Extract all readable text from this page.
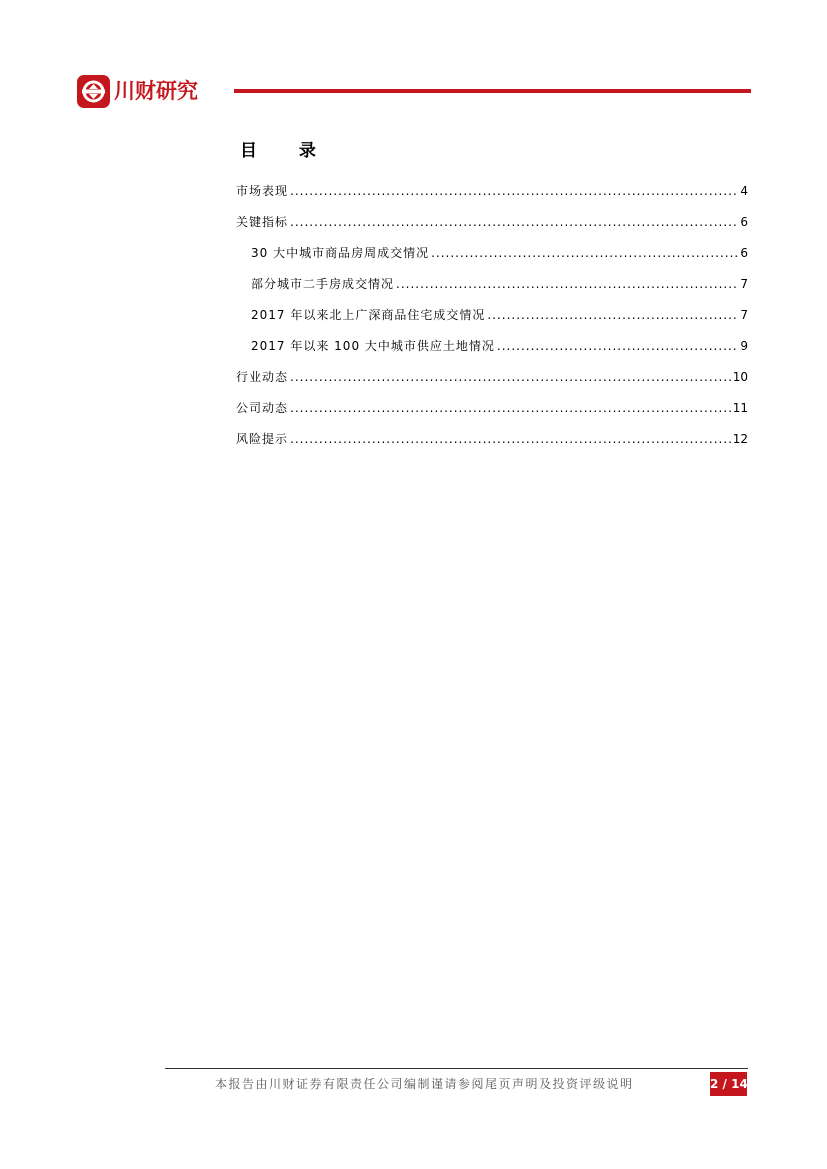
川财研究
目 录
市场表现 .....	4
关键指标 .....	6
30 大中城市商品房周成交情况 .....	6
部分城市二手房成交情况 .....	7
2017 年以来北上广深商品住宅成交情况 .....	7
2017 年以来 100 大中城市供应土地情况 .....	9
行业动态 .....	10
公司动态 .....	11
风险提示 .....	12
本报告由川财证券有限责任公司编制谨请参阅尾页声明及投资评级说明	2 / 14
